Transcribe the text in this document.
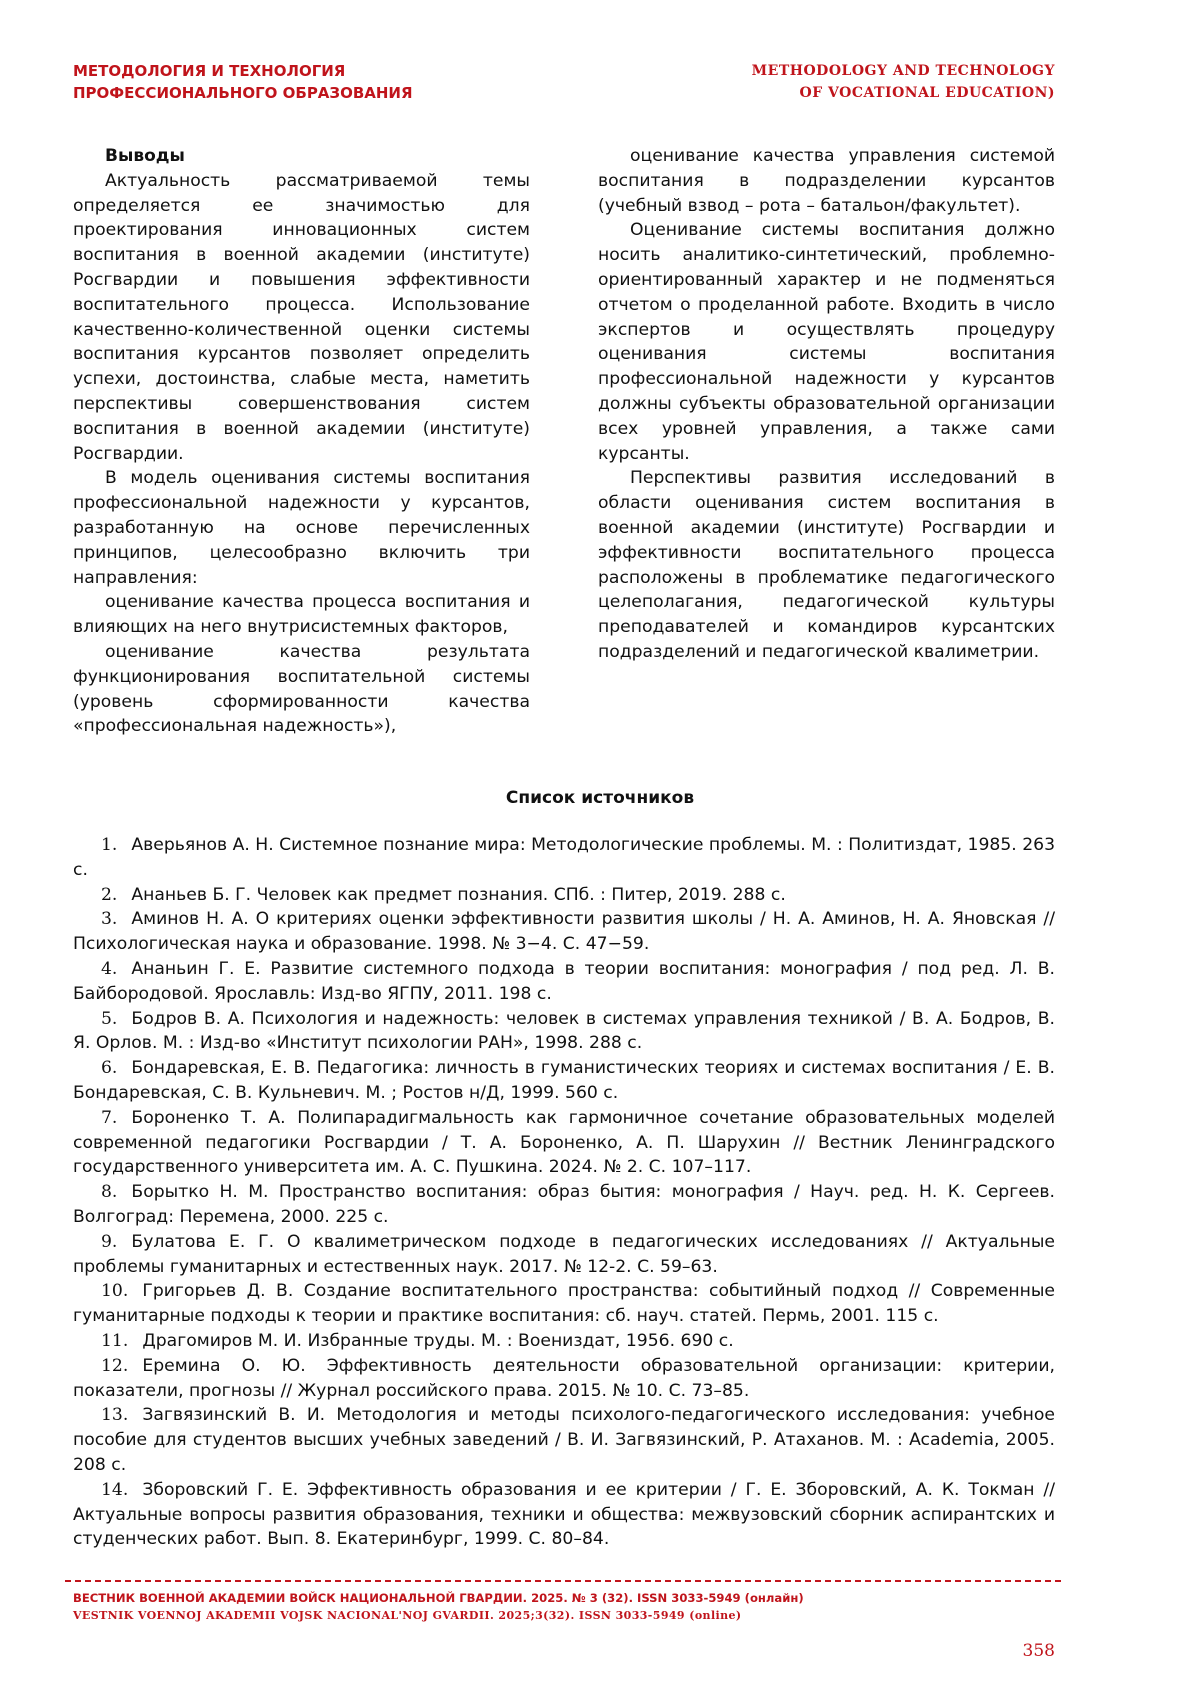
МЕТОДОЛОГИЯ И ТЕХНОЛОГИЯ
ПРОФЕССИОНАЛЬНОГО ОБРАЗОВАНИЯ
METHODOLOGY AND TECHNOLOGY
OF VOCATIONAL EDUCATION)
Выводы

Актуальность рассматриваемой темы определяется ее значимостью для проектирования инновационных систем воспитания в военной академии (институте) Росгвардии и повышения эффективности воспитательного процесса. Использование качественно-количественной оценки системы воспитания курсантов позволяет определить успехи, достоинства, слабые места, наметить перспективы совершенствования систем воспитания в военной академии (институте) Росгвардии.

В модель оценивания системы воспитания профессиональной надежности у курсантов, разработанную на основе перечисленных принципов, целесообразно включить три направления:

оценивание качества процесса воспитания и влияющих на него внутрисистемных факторов,

оценивание качества результата функционирования воспитательной системы (уровень сформированности качества «профессиональная надежность»),

оценивание качества управления системой воспитания в подразделении курсантов (учебный взвод – рота – батальон/факультет).

Оценивание системы воспитания должно носить аналитико-синтетический, проблемно-ориентированный характер и не подменяться отчетом о проделанной работе. Входить в число экспертов и осуществлять процедуру оценивания системы воспитания профессиональной надежности у курсантов должны субъекты образовательной организации всех уровней управления, а также сами курсанты.

Перспективы развития исследований в области оценивания систем воспитания в военной академии (институте) Росгвардии и эффективности воспитательного процесса расположены в проблематике педагогического целеполагания, педагогической культуры преподавателей и командиров курсантских подразделений и педагогической квалиметрии.

Список источников
1. Аверьянов А. Н. Системное познание мира: Методологические проблемы. М. : Политиздат, 1985. 263 с.
2. Ананьев Б. Г. Человек как предмет познания. СПб. : Питер, 2019. 288 с.
3. Аминов Н. А. О критериях оценки эффективности развития школы / Н. А. Аминов, Н. А. Яновская // Психологическая наука и образование. 1998. № 3−4. С. 47−59.
4. Ананьин Г. Е. Развитие системного подхода в теории воспитания: монография / под ред. Л. В. Байбородовой. Ярославль: Изд-во ЯГПУ, 2011. 198 с.
5. Бодров В. А. Психология и надежность: человек в системах управления техникой / В. А. Бодров, В. Я. Орлов. М. : Изд-во «Институт психологии РАН», 1998. 288 с.
6. Бондаревская, Е. В. Педагогика: личность в гуманистических теориях и системах воспитания / Е. В. Бондаревская, С. В. Кульневич. М. ; Ростов н/Д, 1999. 560 с.
7. Бороненко Т. А. Полипарадигмальность как гармоничное сочетание образовательных моделей современной педагогики Росгвардии / Т. А. Бороненко, А. П. Шарухин // Вестник Ленинградского государственного университета им. А. С. Пушкина. 2024. № 2. С. 107–117.
8. Борытко Н. М. Пространство воспитания: образ бытия: монография / Науч. ред. Н. К. Сергеев. Волгоград: Перемена, 2000. 225 с.
9. Булатова Е. Г. О квалиметрическом подходе в педагогических исследованиях // Актуальные проблемы гуманитарных и естественных наук. 2017. № 12-2. С. 59–63.
10. Григорьев Д. В. Создание воспитательного пространства: событийный подход // Современные гуманитарные подходы к теории и практике воспитания: сб. науч. статей. Пермь, 2001. 115 с.
11. Драгомиров М. И. Избранные труды. М. : Воениздат, 1956. 690 с.
12. Еремина О. Ю. Эффективность деятельности образовательной организации: критерии, показатели, прогнозы // Журнал российского права. 2015. № 10. С. 73–85.
13. Загвязинский В. И. Методология и методы психолого-педагогического исследования: учебное пособие для студентов высших учебных заведений / В. И. Загвязинский, Р. Атаханов. М. : Academia, 2005. 208 с.
14. Зборовский Г. Е. Эффективность образования и ее критерии / Г. Е. Зборовский, А. К. Токман // Актуальные вопросы развития образования, техники и общества: межвузовский сборник аспирантских и студенческих работ. Вып. 8. Екатеринбург, 1999. С. 80–84.
ВЕСТНИК ВОЕННОЙ АКАДЕМИИ ВОЙСК НАЦИОНАЛЬНОЙ ГВАРДИИ. 2025. № 3 (32). ISSN 3033-5949 (онлайн)
VESTNIK VOENNOJ AKADEMII VOJSK NACIONAL'NOJ GVARDII. 2025;3(32). ISSN 3033-5949 (online)
358
